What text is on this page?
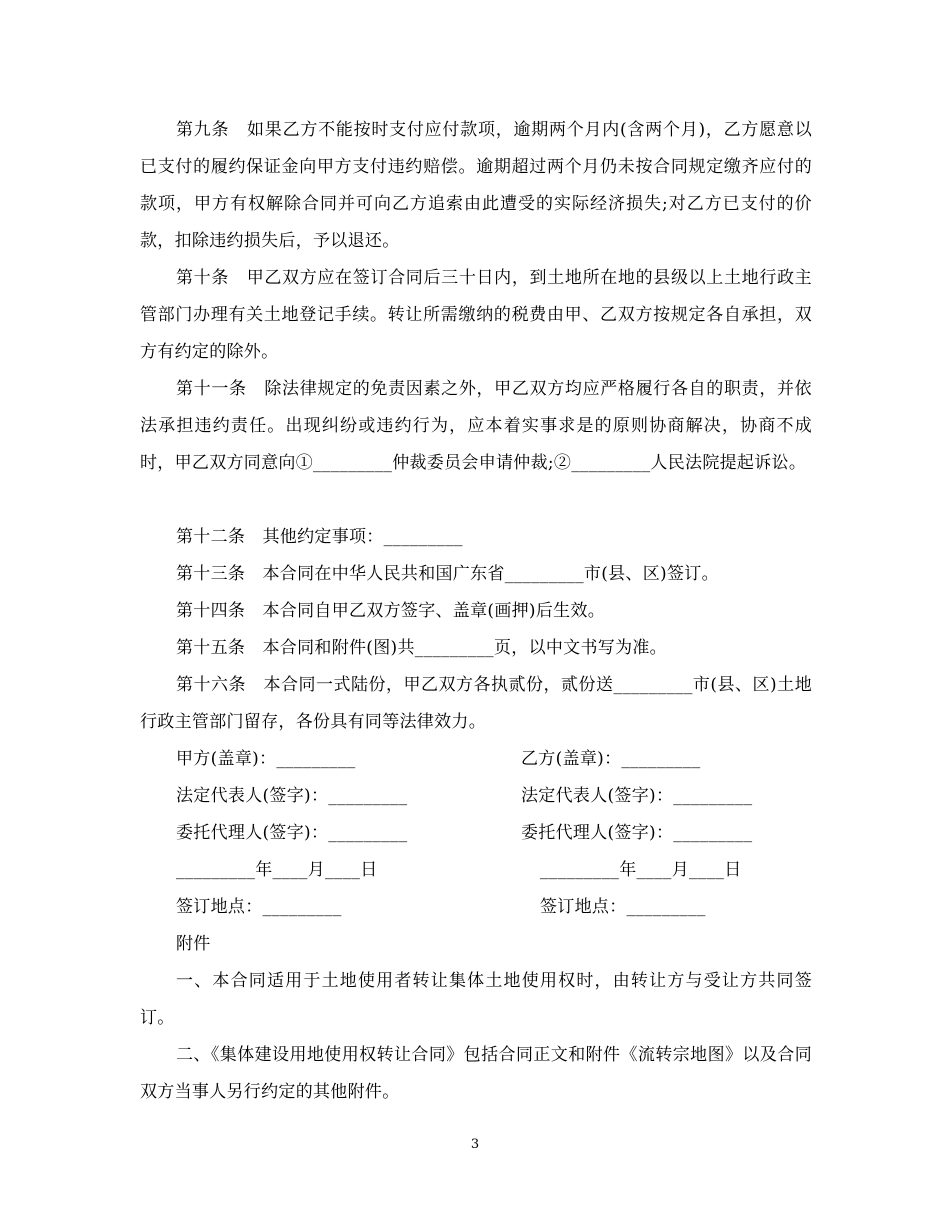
第九条　如果乙方不能按时支付应付款项，逾期两个月内(含两个月)，乙方愿意以已支付的履约保证金向甲方支付违约赔偿。逾期超过两个月仍未按合同规定缴齐应付的款项，甲方有权解除合同并可向乙方追索由此遭受的实际经济损失;对乙方已支付的价款，扣除违约损失后，予以退还。
第十条　甲乙双方应在签订合同后三十日内，到土地所在地的县级以上土地行政主管部门办理有关土地登记手续。转让所需缴纳的税费由甲、乙双方按规定各自承担，双方有约定的除外。
第十一条　除法律规定的免责因素之外，甲乙双方均应严格履行各自的职责，并依法承担违约责任。出现纠纷或违约行为，应本着实事求是的原则协商解决，协商不成时，甲乙双方同意向①_________仲裁委员会申请仲裁;②_________人民法院提起诉讼。
第十二条　其他约定事项：_________
第十三条　本合同在中华人民共和国广东省_________市(县、区)签订。
第十四条　本合同自甲乙双方签字、盖章(画押)后生效。
第十五条　本合同和附件(图)共_________页，以中文书写为准。
第十六条　本合同一式陆份，甲乙双方各执贰份，贰份送_________市(县、区)土地行政主管部门留存，各份具有同等法律效力。
甲方(盖章)：_________	乙方(盖章)：_________
法定代表人(签字)：_________	法定代表人(签字)：_________
委托代理人(签字)：_________	委托代理人(签字)：_________
_________年____月____日	_________年____月____日
签订地点：_________	签订地点：_________
附件
一、本合同适用于土地使用者转让集体土地使用权时，由转让方与受让方共同签订。
二、《集体建设用地使用权转让合同》包括合同正文和附件《流转宗地图》以及合同双方当事人另行约定的其他附件。
3
